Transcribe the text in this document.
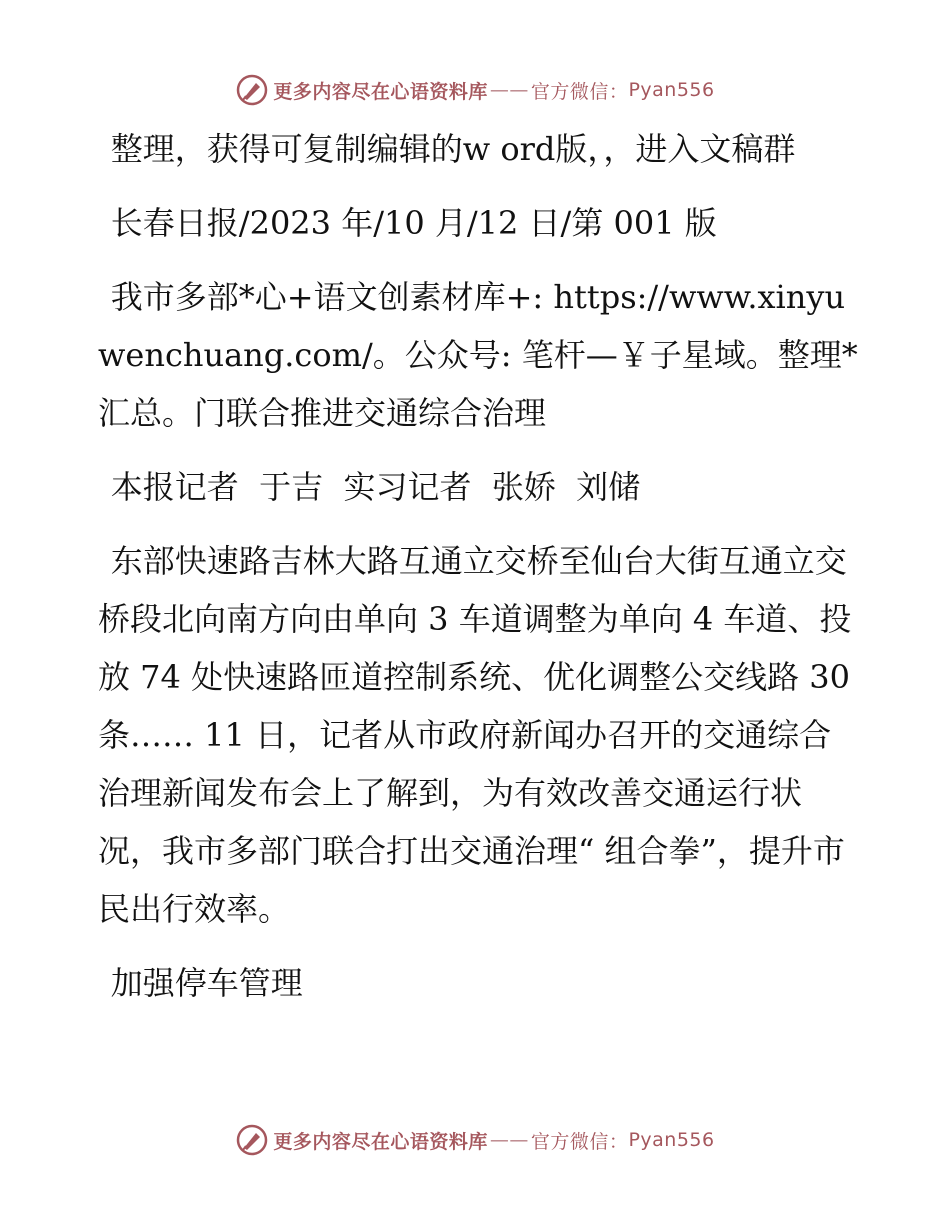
更多内容尽在心语资料库 —— 官方微信： Pyan556

整理，获得可复制编辑的w ord版，，进入文稿群

长春日报/2023 年/10 月/12 日/第 001 版

我市多部*心+语文创素材库+: https://www.xinyuwenchuang.com/。公众号: 笔杆—￥子星域。整理*汇总。门联合推进交通综合治理

本报记者  于吉  实习记者  张娇  刘储

东部快速路吉林大路互通立交桥至仙台大街互通立交桥段北向南方向由单向 3 车道调整为单向 4 车道、投放 74 处快速路匝道控制系统、优化调整公交线路 30 条…… 11 日，记者从市政府新闻办召开的交通综合治理新闻发布会上了解到，为有效改善交通运行状况，我市多部门联合打出交通治理“ 组合拳”，提升市民出行效率。

加强停车管理

更多内容尽在心语资料库 —— 官方微信： Pyan556
